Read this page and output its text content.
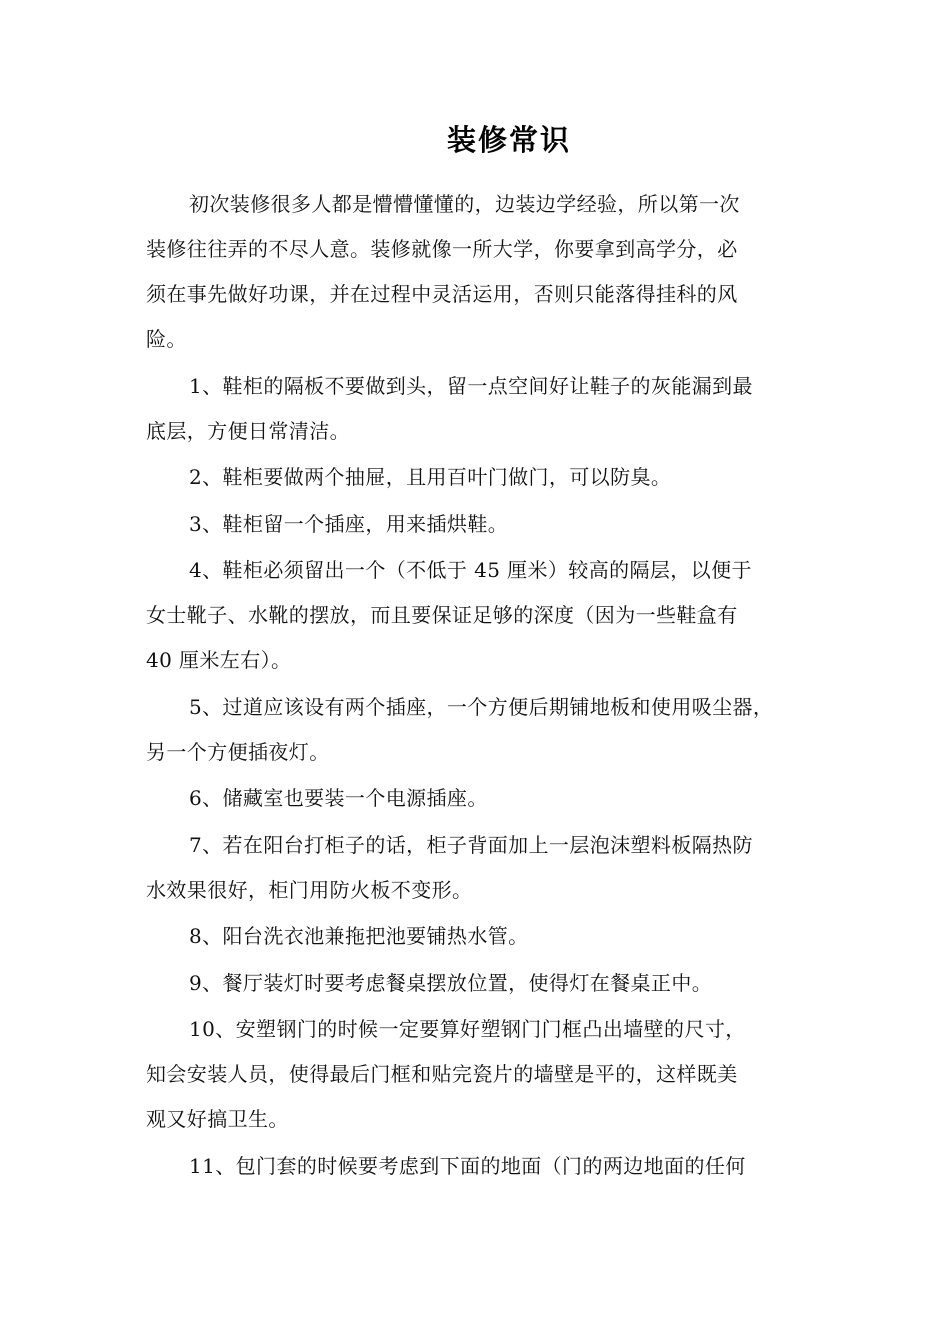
装修常识
初次装修很多人都是懵懵懂懂的，边装边学经验，所以第一次
装修往往弄的不尽人意。装修就像一所大学，你要拿到高学分，必
须在事先做好功课，并在过程中灵活运用，否则只能落得挂科的风
险。
1、鞋柜的隔板不要做到头，留一点空间好让鞋子的灰能漏到最
底层，方便日常清洁。
2、鞋柜要做两个抽屉，且用百叶门做门，可以防臭。
3、鞋柜留一个插座，用来插烘鞋。
4、鞋柜必须留出一个（不低于 45 厘米）较高的隔层，以便于
女士靴子、水靴的摆放，而且要保证足够的深度（因为一些鞋盒有
40 厘米左右）。
5、过道应该设有两个插座，一个方便后期铺地板和使用吸尘器，
另一个方便插夜灯。
6、储藏室也要装一个电源插座。
7、若在阳台打柜子的话，柜子背面加上一层泡沫塑料板隔热防
水效果很好，柜门用防火板不变形。
8、阳台洗衣池兼拖把池要铺热水管。
9、餐厅装灯时要考虑餐桌摆放位置，使得灯在餐桌正中。
10、安塑钢门的时候一定要算好塑钢门门框凸出墙壁的尺寸，
知会安装人员，使得最后门框和贴完瓷片的墙壁是平的，这样既美
观又好搞卫生。
11、包门套的时候要考虑到下面的地面（门的两边地面的任何
